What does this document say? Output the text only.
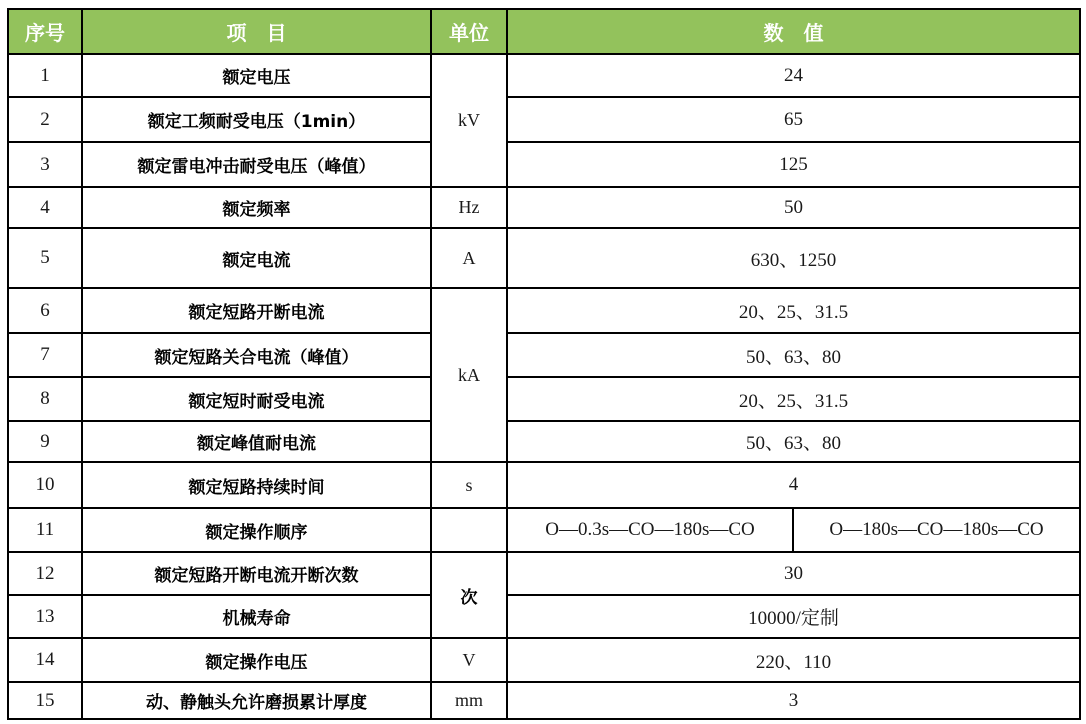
序号	项　目	单位	数　值	
1	额定电压	kV	24	
2	额定工频耐受电压（1min）		65	
3	额定雷电冲击耐受电压（峰值）		125	
4	额定频率	Hz	50	
5	额定电流	A	630、1250	
6	额定短路开断电流	kA	20、25、31.5	
7	额定短路关合电流（峰值）		50、63、80	
8	额定短时耐受电流		20、25、31.5	
9	额定峰值耐电流		50、63、80	
10	额定短路持续时间	s	4	
11	额定操作顺序		O—0.3s—CO—180s—CO	O—180s—CO—180s—CO
12	额定短路开断电流开断次数	次	30	
13	机械寿命		10000/定制	
14	额定操作电压	V	220、110	
15	动、静触头允许磨损累计厚度	mm	3	
